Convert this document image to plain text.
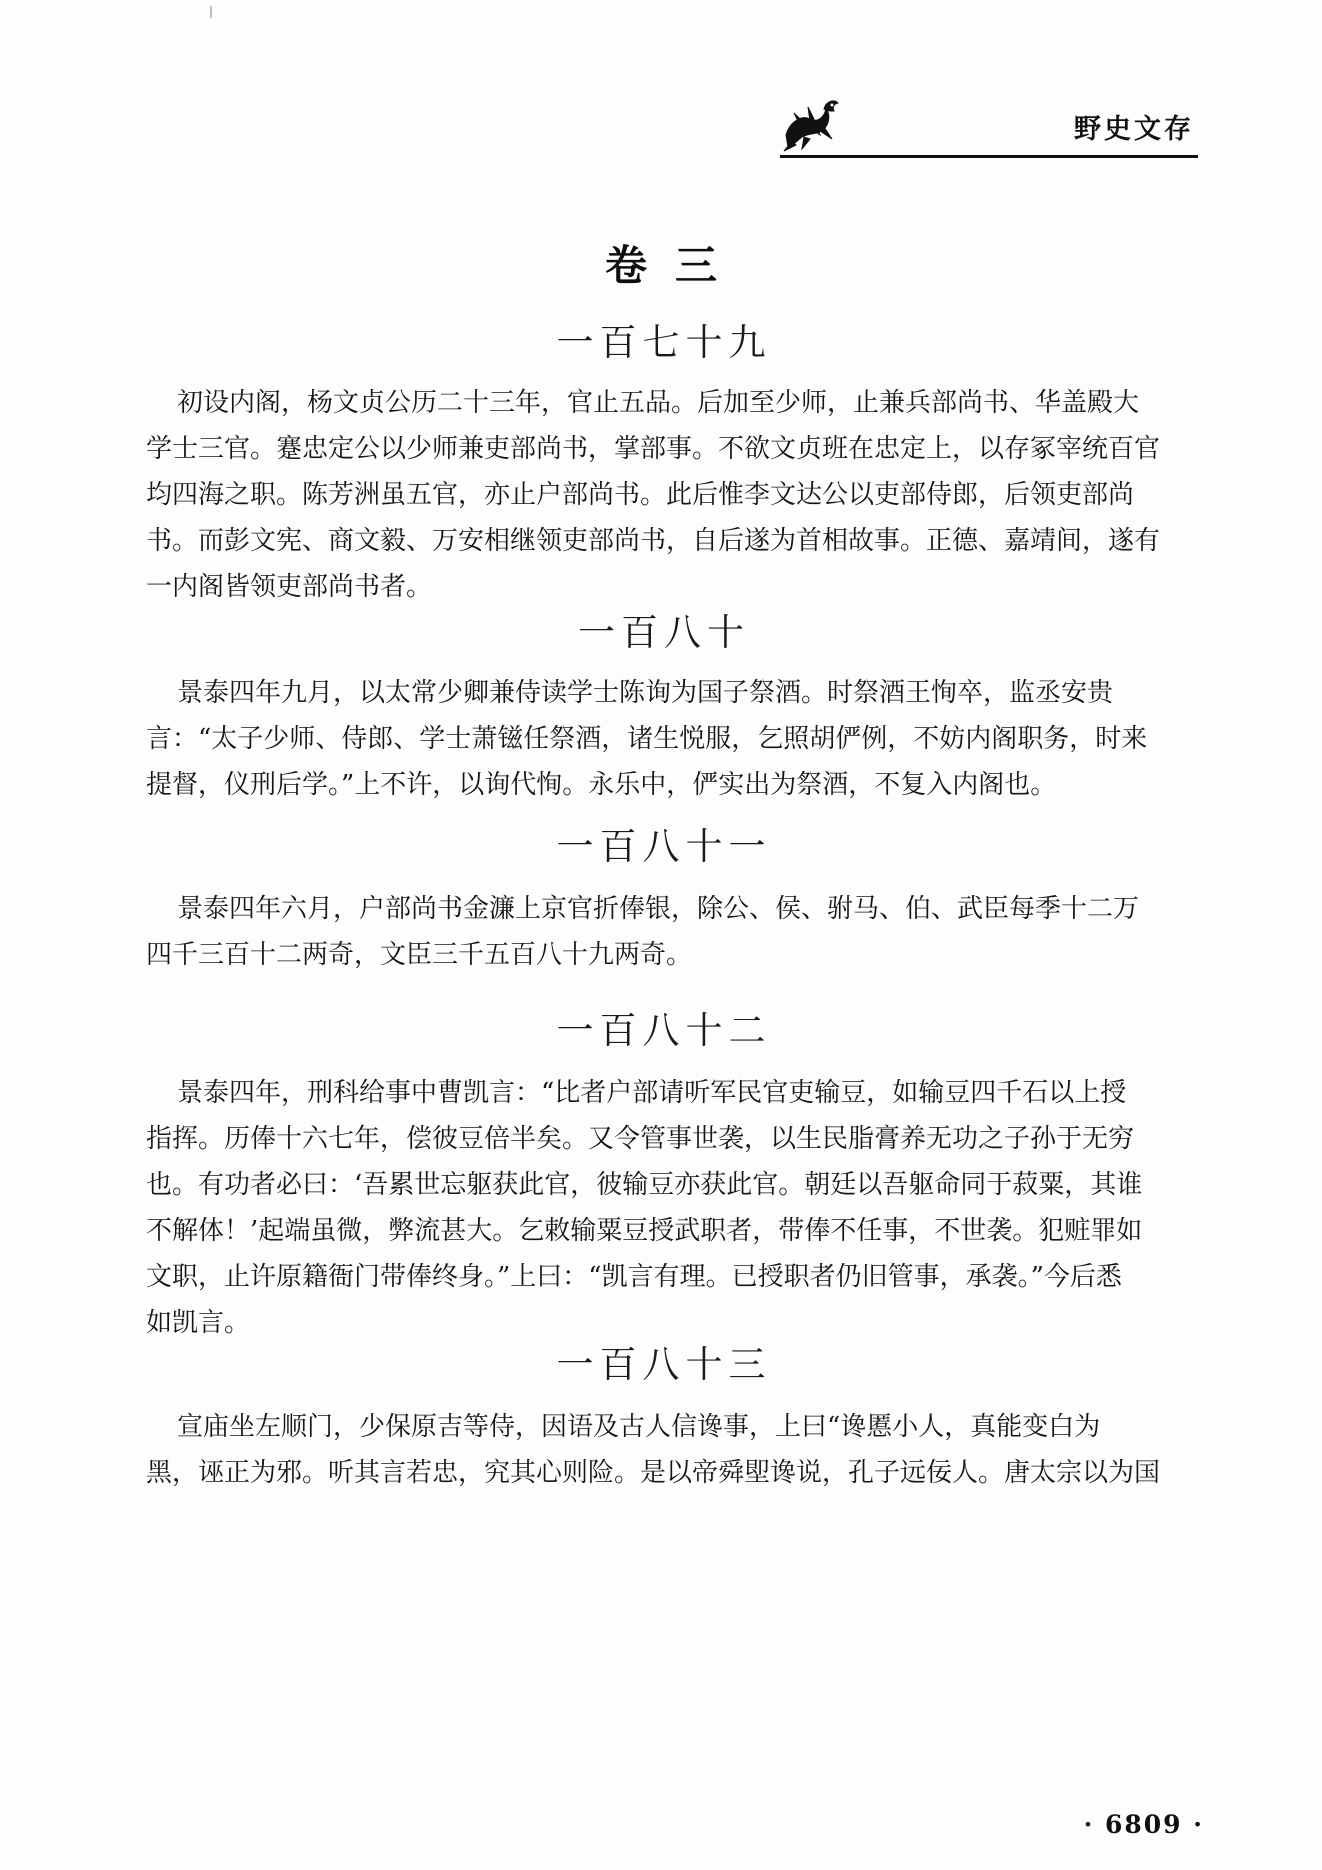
野史文存
卷三
一百七十九
初设内阁，杨文贞公历二十三年，官止五品。后加至少师，止兼兵部尚书、华盖殿大
学士三官。蹇忠定公以少师兼吏部尚书，掌部事。不欲文贞班在忠定上，以存冢宰统百官
均四海之职。陈芳洲虽五官，亦止户部尚书。此后惟李文达公以吏部侍郎，后领吏部尚
书。而彭文宪、商文毅、万安相继领吏部尚书，自后遂为首相故事。正德、嘉靖间，遂有
一内阁皆领吏部尚书者。
一百八十
景泰四年九月，以太常少卿兼侍读学士陈询为国子祭酒。时祭酒王恂卒，监丞安贵
言：“太子少师、侍郎、学士萧镃任祭酒，诸生悦服，乞照胡俨例，不妨内阁职务，时来
提督，仪刑后学。”上不许，以询代恂。永乐中，俨实出为祭酒，不复入内阁也。
一百八十一
景泰四年六月，户部尚书金濂上京官折俸银，除公、侯、驸马、伯、武臣每季十二万
四千三百十二两奇，文臣三千五百八十九两奇。
一百八十二
景泰四年，刑科给事中曹凯言：“比者户部请听军民官吏输豆，如输豆四千石以上授
指挥。历俸十六七年，偿彼豆倍半矣。又令管事世袭，以生民脂膏养无功之子孙于无穷
也。有功者必曰：‘吾累世忘躯获此官，彼输豆亦获此官。朝廷以吾躯命同于菽粟，其谁
不解体！’起端虽微，弊流甚大。乞敕输粟豆授武职者，带俸不任事，不世袭。犯赃罪如
文职，止许原籍衙门带俸终身。”上曰：“凯言有理。已授职者仍旧管事，承袭。”今后悉
如凯言。
一百八十三
宣庙坐左顺门，少保原吉等侍，因语及古人信谗事，上曰“谗慝小人，真能变白为
黑，诬正为邪。听其言若忠，究其心则险。是以帝舜堲谗说，孔子远佞人。唐太宗以为国
· 6809 ·
